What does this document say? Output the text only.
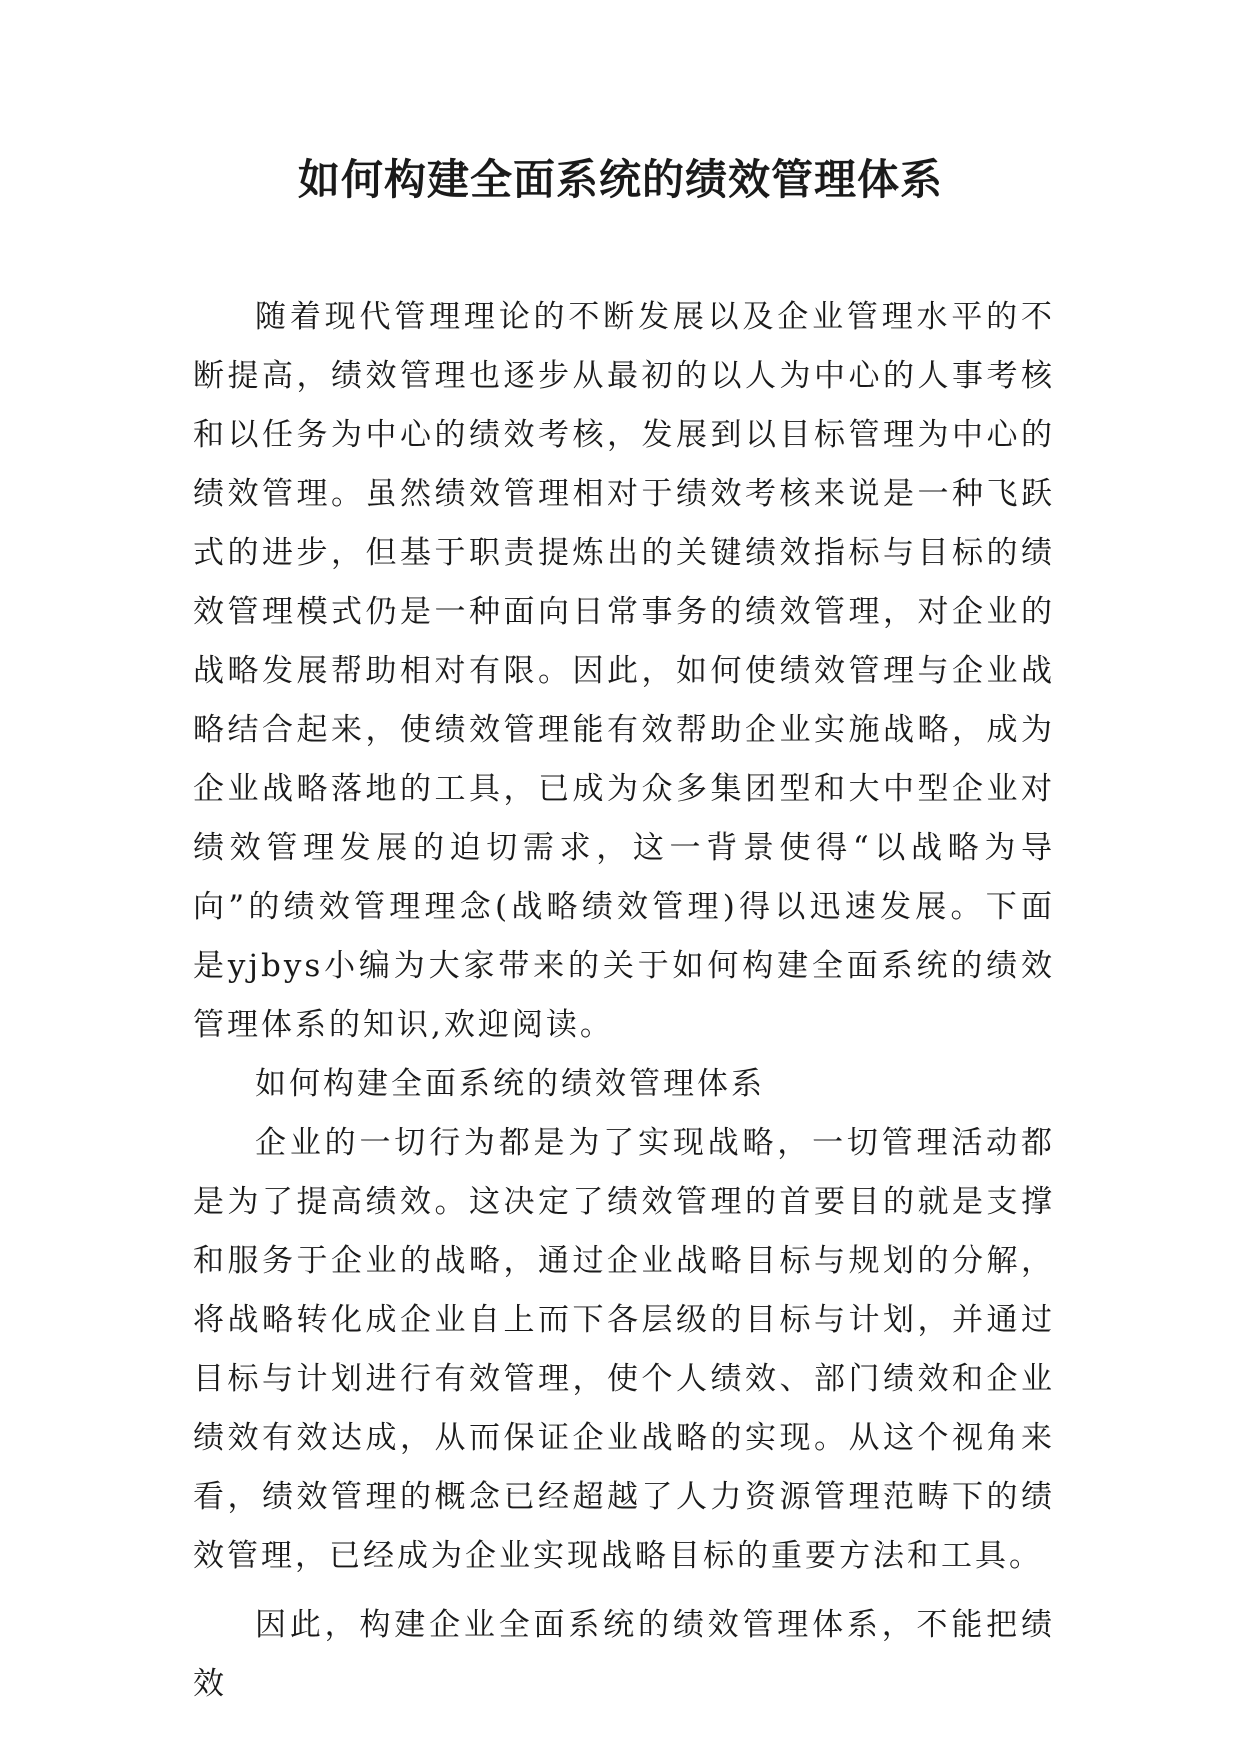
如何构建全面系统的绩效管理体系

随着现代管理理论的不断发展以及企业管理水平的不断提高，绩效管理也逐步从最初的以人为中心的人事考核和以任务为中心的绩效考核，发展到以目标管理为中心的绩效管理。虽然绩效管理相对于绩效考核来说是一种飞跃式的进步，但基于职责提炼出的关键绩效指标与目标的绩效管理模式仍是一种面向日常事务的绩效管理，对企业的战略发展帮助相对有限。因此，如何使绩效管理与企业战略结合起来，使绩效管理能有效帮助企业实施战略，成为企业战略落地的工具，已成为众多集团型和大中型企业对绩效管理发展的迫切需求，这一背景使得“以战略为导向”的绩效管理理念(战略绩效管理)得以迅速发展。下面是yjbys小编为大家带来的关于如何构建全面系统的绩效管理体系的知识,欢迎阅读。

如何构建全面系统的绩效管理体系

企业的一切行为都是为了实现战略，一切管理活动都是为了提高绩效。这决定了绩效管理的首要目的就是支撑和服务于企业的战略，通过企业战略目标与规划的分解，将战略转化成企业自上而下各层级的目标与计划，并通过目标与计划进行有效管理，使个人绩效、部门绩效和企业绩效有效达成，从而保证企业战略的实现。从这个视角来看，绩效管理的概念已经超越了人力资源管理范畴下的绩效管理，已经成为企业实现战略目标的重要方法和工具。

因此，构建企业全面系统的绩效管理体系，不能把绩效
